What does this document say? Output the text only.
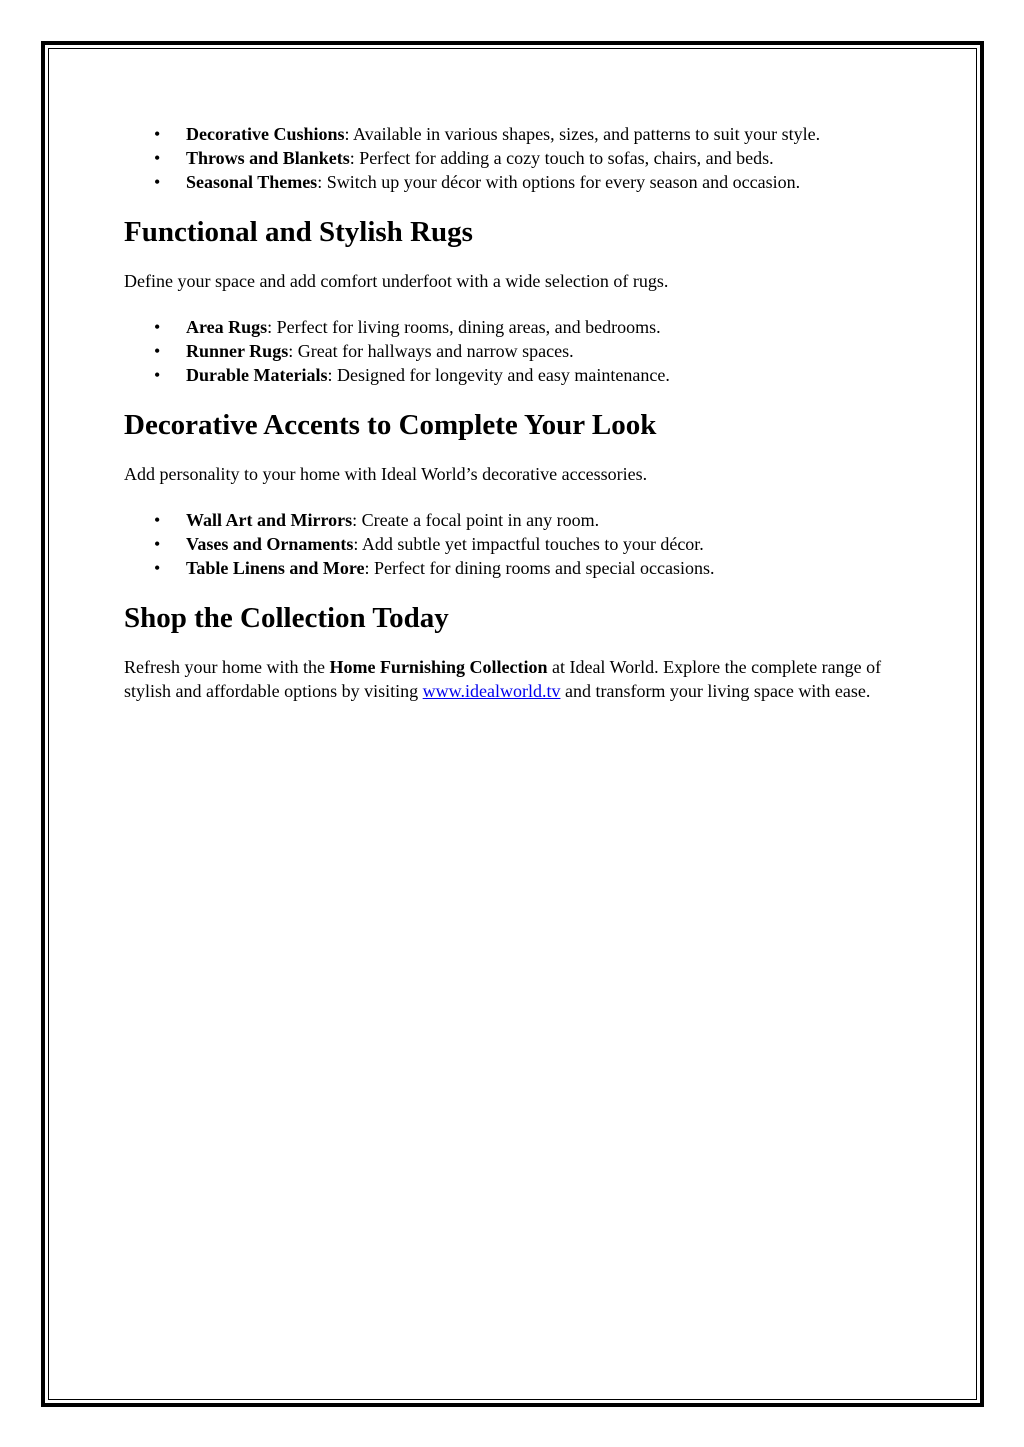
• Decorative Cushions: Available in various shapes, sizes, and patterns to suit your style.
• Throws and Blankets: Perfect for adding a cozy touch to sofas, chairs, and beds.
• Seasonal Themes: Switch up your décor with options for every season and occasion.
Functional and Stylish Rugs

Define your space and add comfort underfoot with a wide selection of rugs.

• Area Rugs: Perfect for living rooms, dining areas, and bedrooms.
• Runner Rugs: Great for hallways and narrow spaces.
• Durable Materials: Designed for longevity and easy maintenance.
Decorative Accents to Complete Your Look

Add personality to your home with Ideal World’s decorative accessories.

• Wall Art and Mirrors: Create a focal point in any room.
• Vases and Ornaments: Add subtle yet impactful touches to your décor.
• Table Linens and More: Perfect for dining rooms and special occasions.
Shop the Collection Today

Refresh your home with the Home Furnishing Collection at Ideal World. Explore the complete range of stylish and affordable options by visiting www.idealworld.tv and transform your living space with ease.
